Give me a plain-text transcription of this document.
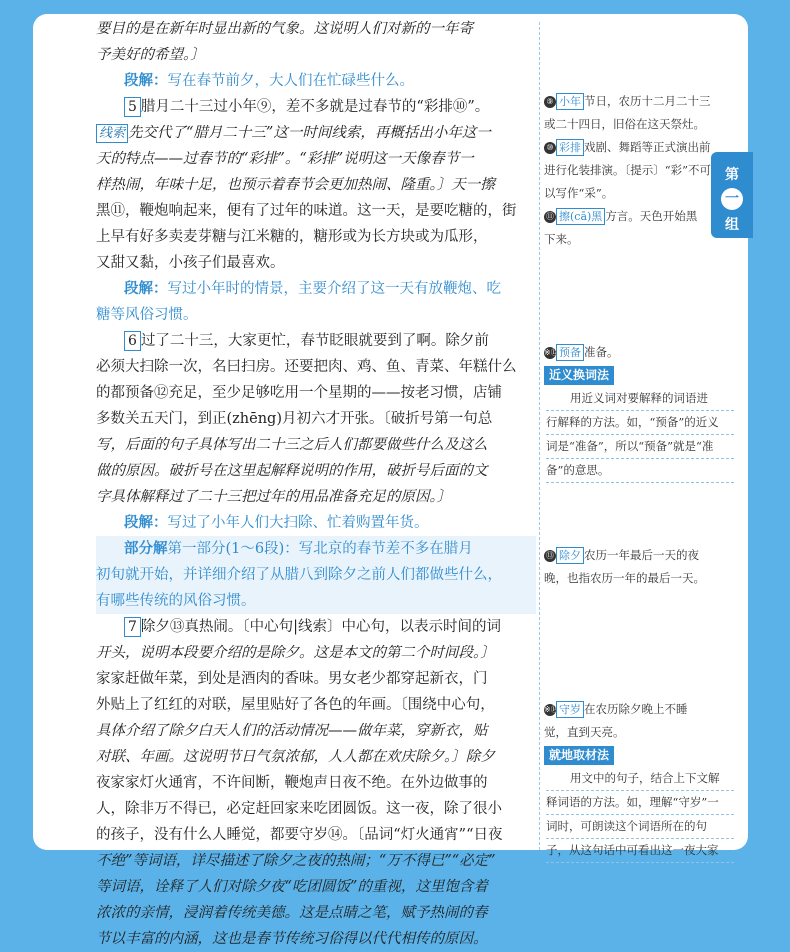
要目的是在新年时显出新的气象。这说明人们对新的一年寄
予美好的希望。〕
段解：写在春节前夕，大人们在忙碌些什么。
5 腊月二十三过小年⑨，差不多就是过春节的“彩排⑩”。
线索 先交代了“腊月二十三”这一时间线索，再概括出小年这一
天的特点——过春节的“彩排”。“彩排”说明这一天像春节一
样热闹，年味十足，也预示着春节会更加热闹、隆重。〕天一擦
黑⑪，鞭炮响起来，便有了过年的味道。这一天，是要吃糖的，街
上早有好多卖麦芽糖与江米糖的，糖形或为长方块或为瓜形，
又甜又黏，小孩子们最喜欢。
段解：写过小年时的情景，主要介绍了这一天有放鞭炮、吃
糖等风俗习惯。
6 过了二十三，大家更忙，春节眨眼就要到了啊。除夕前
必须大扫除一次，名曰扫房。还要把肉、鸡、鱼、青菜、年糕什么
的都预备⑫充足，至少足够吃用一个星期的——按老习惯，店铺
多数关五天门，到正(zhēng)月初六才开张。〔破折号第一句总
写，后面的句子具体写出二十三之后人们都要做些什么及这么
做的原因。破折号在这里起解释说明的作用，破折号后面的文
字具体解释过了二十三把过年的用品准备充足的原因。〕
段解：写过了小年人们大扫除、忙着购置年货。
部分解第一部分(1～6段)：写北京的春节差不多在腊月
初旬就开始，并详细介绍了从腊八到除夕之前人们都做些什么，
有哪些传统的风俗习惯。
7 除夕⑬真热闹。〔中心句|线索〕中心句，以表示时间的词
开头，说明本段要介绍的是除夕。这是本文的第二个时间段。〕
家家赶做年菜，到处是酒肉的香味。男女老少都穿起新衣，门
外贴上了红红的对联，屋里贴好了各色的年画。〔围绕中心句，
具体介绍了除夕白天人们的活动情况——做年菜，穿新衣，贴
对联、年画。这说明节日气氛浓郁，人人都在欢庆除夕。〕除夕
夜家家灯火通宵，不许间断，鞭炮声日夜不绝。在外边做事的
人，除非万不得已，必定赶回家来吃团圆饭。这一夜，除了很小
的孩子，没有什么人睡觉，都要守岁⑭。〔品词“灯火通宵”“日夜
不绝”等词语，详尽描述了除夕之夜的热闹；“万不得已”“必定”
等词语，诠释了人们对除夕夜“吃团圆饭”的重视，这里饱含着
浓浓的亲情，浸润着传统美德。这是点睛之笔，赋予热闹的春
节以丰富的内涵，这也是春节传统习俗得以代代相传的原因。
⑨ 小年 节日，农历十二月二十三
或二十四日，旧俗在这天祭灶。
⑩ 彩排 戏剧、舞蹈等正式演出前
进行化装排演。〔提示〕“彩”不可
以写作“采”。
⑪ 擦(cā)黑 方言。天色开始黑
下来。
※⑫预备 准备。
近义换词法
用近义词对要解释的词语进
行解释的方法。如，“预备”的近义
词是“准备”，所以“预备”就是“准
备”的意思。
⑬ 除夕 农历一年最后一天的夜
晚，也指农历一年的最后一天。
※⑭守岁 在农历除夕晚上不睡
觉，直到天亮。
就地取材法
用文中的句子，结合上下文解
释词语的方法。如，理解“守岁”一
词时，可朗读这个词语所在的句
子，从这句话中可看出这一夜大家
第
一
组
